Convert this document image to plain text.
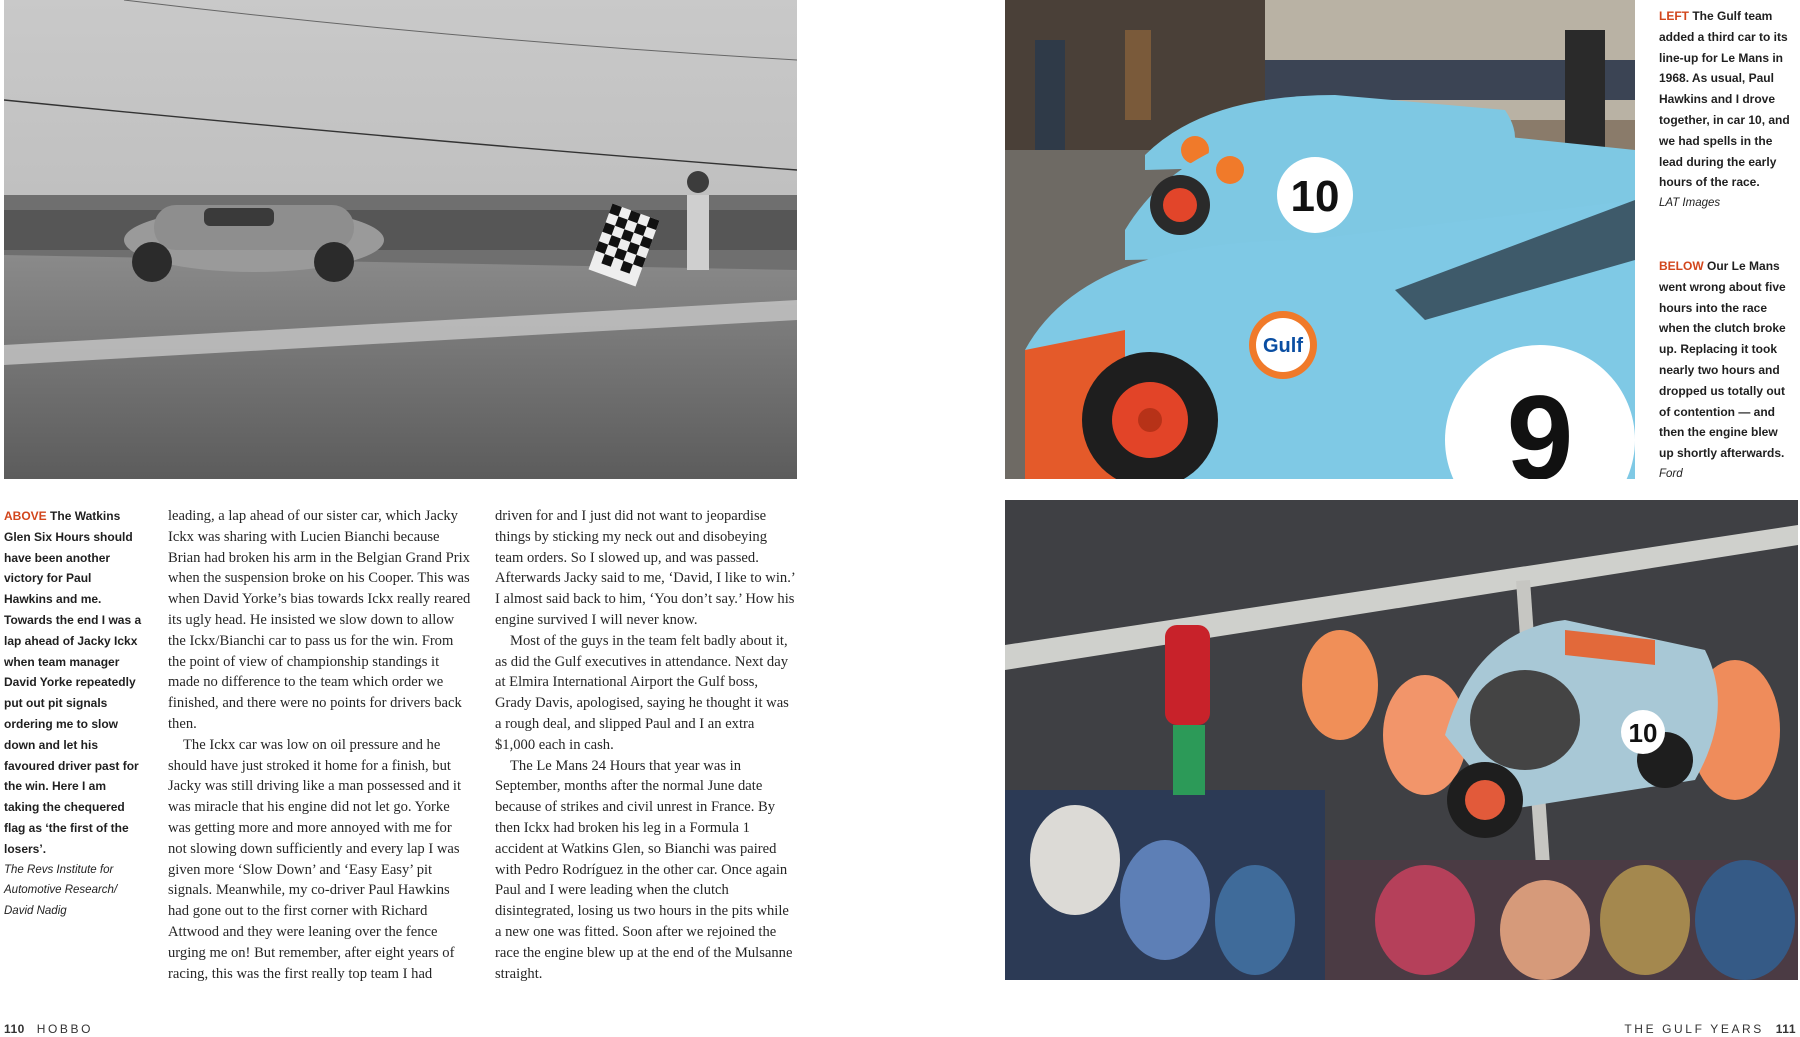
10
Gulf
9
10
ABOVE The Watkins Glen Six Hours should have been another victory for Paul Hawkins and me. Towards the end I was a lap ahead of Jacky Ickx when team manager David Yorke repeatedly put out pit signals ordering me to slow down and let his favoured driver past for the win. Here I am taking the chequered flag as ‘the first of the losers’.
The Revs Institute for Automotive Research/ David Nadig

leading, a lap ahead of our sister car, which Jacky Ickx was sharing with Lucien Bianchi because Brian had broken his arm in the Belgian Grand Prix when the suspension broke on his Cooper. This was when David Yorke’s bias towards Ickx really reared its ugly head. He insisted we slow down to allow the Ickx/Bianchi car to pass us for the win. From the point of view of championship standings it made no difference to the team which order we finished, and there were no points for drivers back then.

The Ickx car was low on oil pressure and he should have just stroked it home for a finish, but Jacky was still driving like a man possessed and it was miracle that his engine did not let go. Yorke was getting more and more annoyed with me for not slowing down sufficiently and every lap I was given more ‘Slow Down’ and ‘Easy Easy’ pit signals. Meanwhile, my co-driver Paul Hawkins had gone out to the first corner with Richard Attwood and they were leaning over the fence urging me on! But remember, after eight years of racing, this was the first really top team I had

driven for and I just did not want to jeopardise things by sticking my neck out and disobeying team orders. So I slowed up, and was passed. Afterwards Jacky said to me, ‘David, I like to win.’ I almost said back to him, ‘You don’t say.’ How his engine survived I will never know.

Most of the guys in the team felt badly about it, as did the Gulf executives in attendance. Next day at Elmira International Airport the Gulf boss, Grady Davis, apologised, saying he thought it was a rough deal, and slipped Paul and I an extra $1,000 each in cash.

The Le Mans 24 Hours that year was in September, months after the normal June date because of strikes and civil unrest in France. By then Ickx had broken his leg in a Formula 1 accident at Watkins Glen, so Bianchi was paired with Pedro Rodríguez in the other car. Once again Paul and I were leading when the clutch disintegrated, losing us two hours in the pits while a new one was fitted. Soon after we rejoined the race the engine blew up at the end of the Mulsanne straight.

110 HOBBO
LEFT The Gulf team added a third car to its line-up for Le Mans in 1968. As usual, Paul Hawkins and I drove together, in car 10, and we had spells in the lead during the early hours of the race.
LAT Images
BELOW Our Le Mans went wrong about five hours into the race when the clutch broke up. Replacing it took nearly two hours and dropped us totally out of contention — and then the engine blew up shortly afterwards.
Ford
THE GULF YEARS 111
